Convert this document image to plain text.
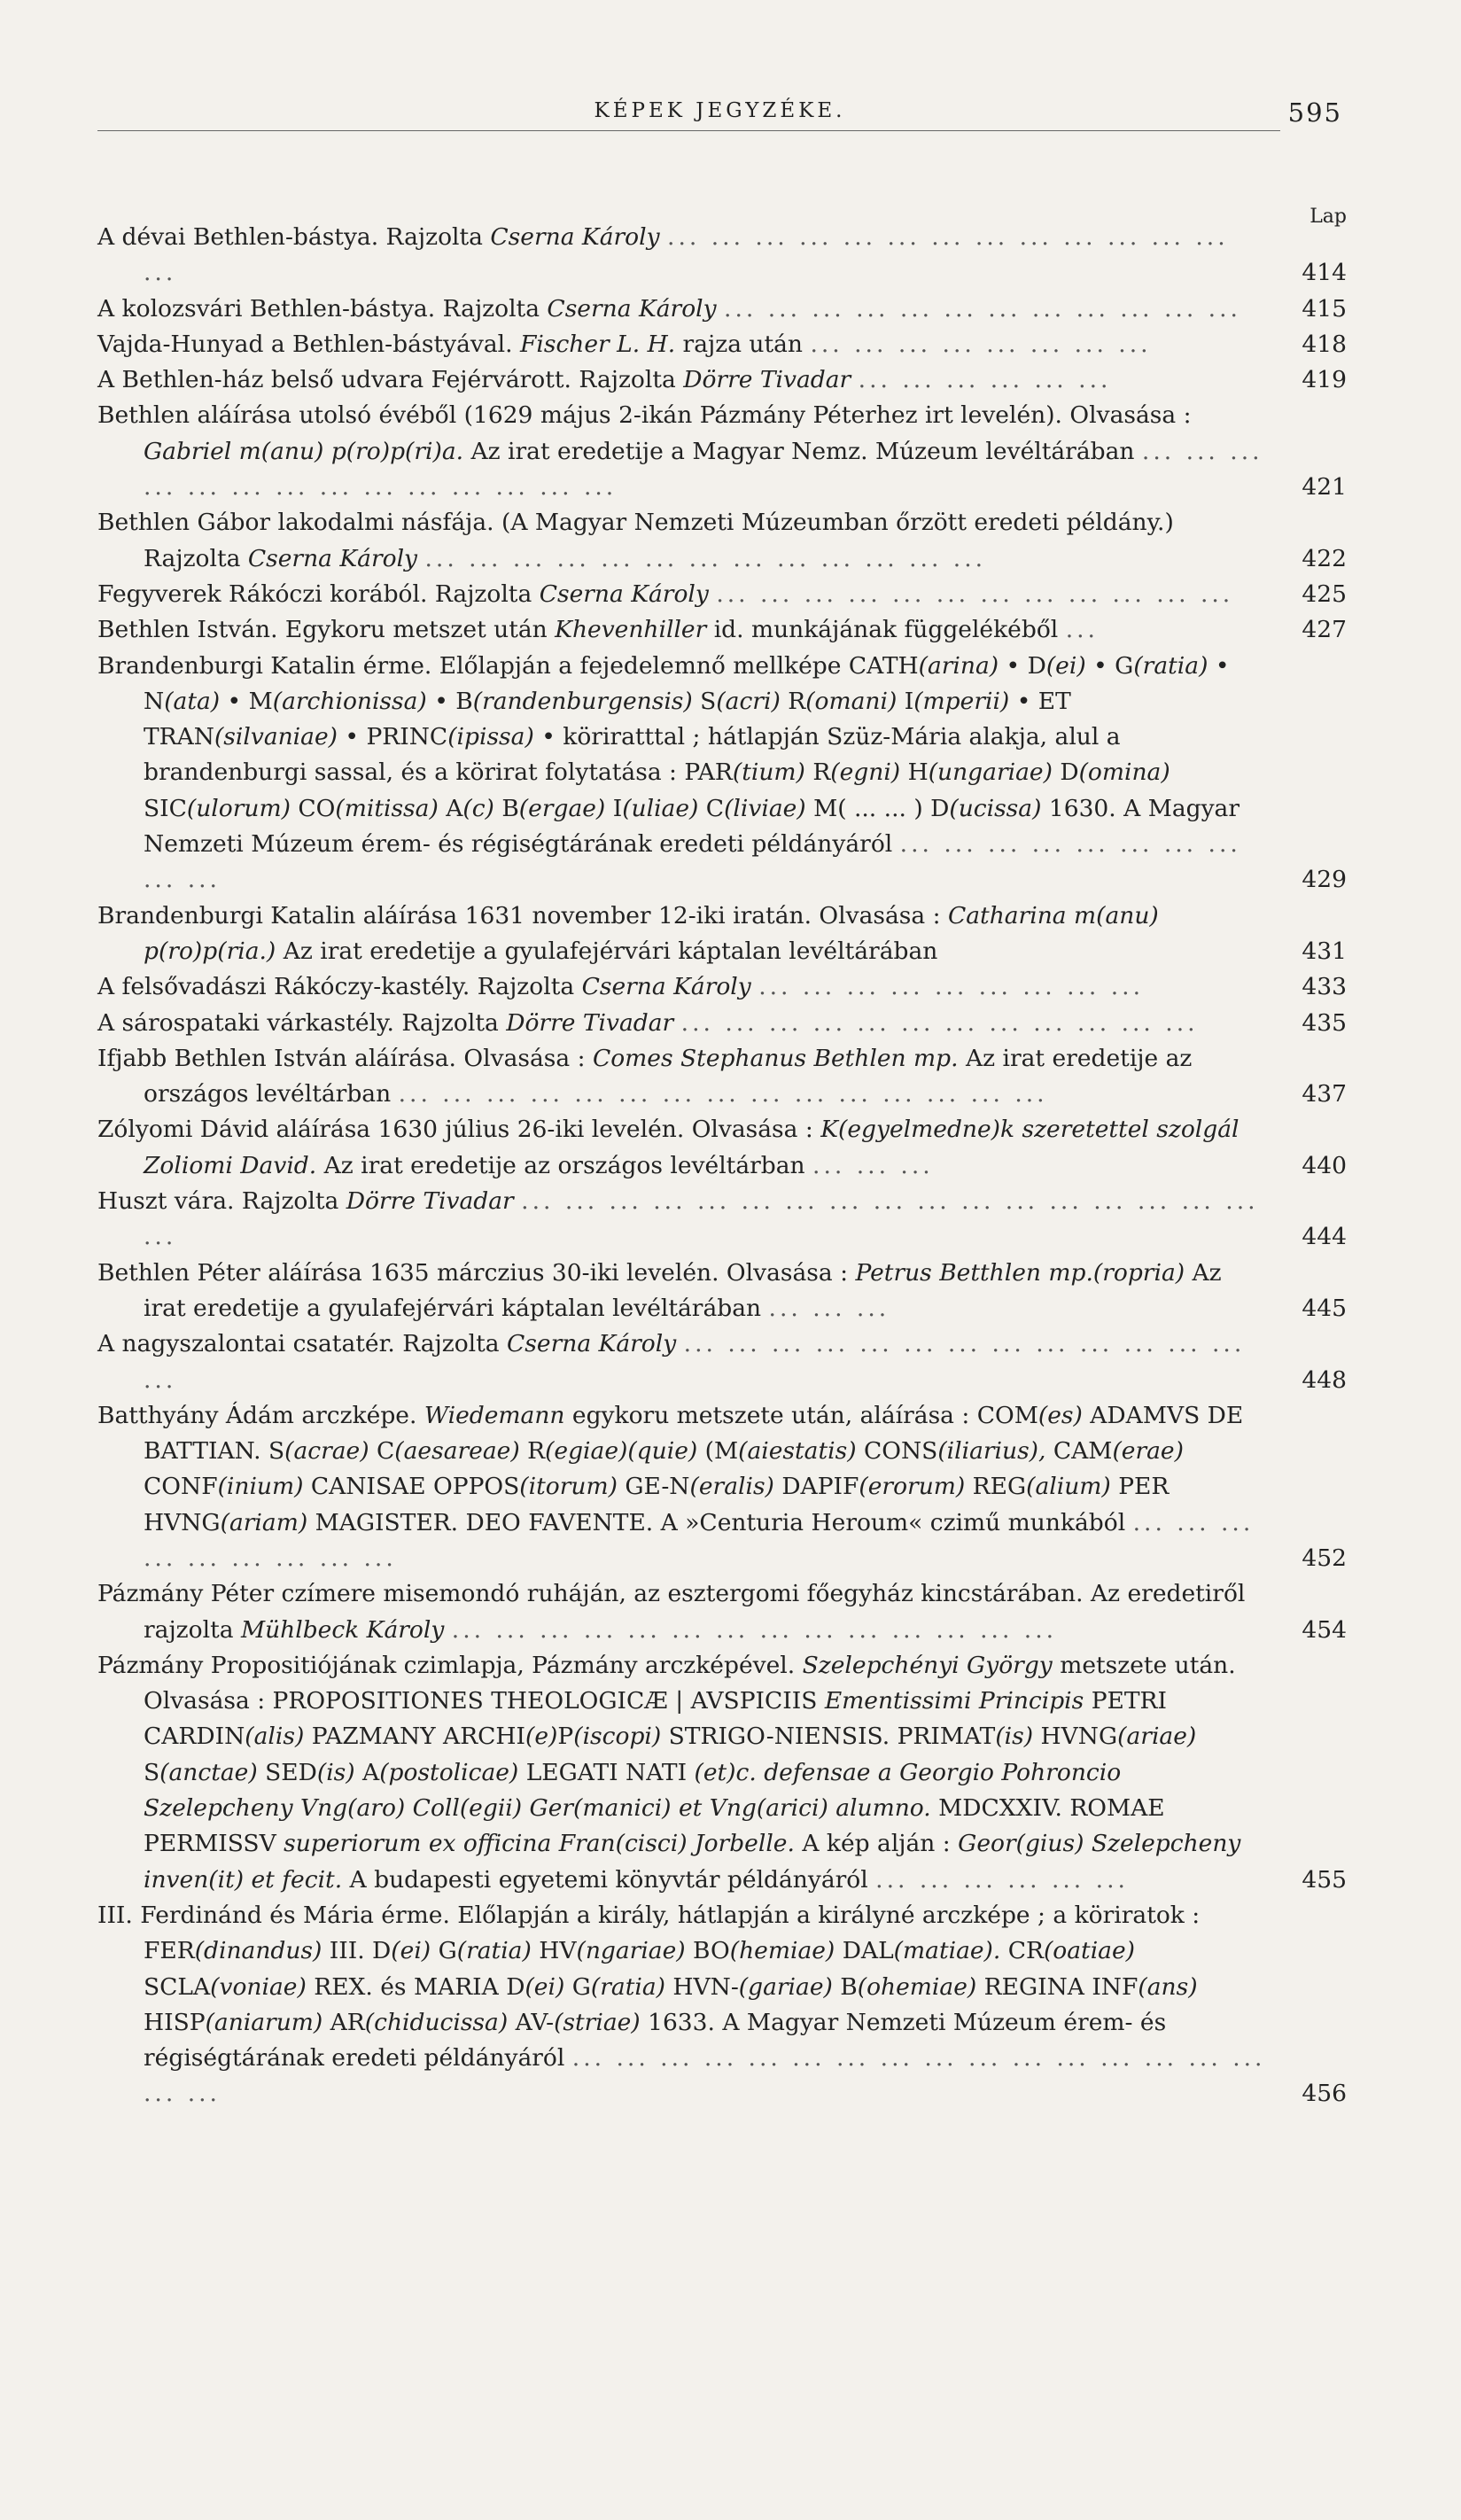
KÉPEK JEGYZÉKE.	595
Lap
A dévai Bethlen-bástya. Rajzolta Cserna Károly ... ... ... ... ... ... ... ... ... ... ... ... ... ...	414
A kolozsvári Bethlen-bástya. Rajzolta Cserna Károly ... ... ... ... ... ... ... ... ... ... ... ...	415
Vajda-Hunyad a Bethlen-bástyával. Fischer L. H. rajza után ... ... ... ... ... ... ... ...	418
A Bethlen-ház belső udvara Fejérvárott. Rajzolta Dörre Tivadar ... ... ... ... ... ...	419
Bethlen aláírása utolsó évéből (1629 május 2-ikán Pázmány Péterhez irt levelén). Olvasása : Gabriel m(anu) p(ro)p(ri)a. Az irat eredetije a Magyar Nemz. Múzeum levéltárában ... ... ... ... ... ... ... ... ... ... ... ... ... ...	421
Bethlen Gábor lakodalmi násfája. (A Magyar Nemzeti Múzeumban őrzött eredeti példány.) Rajzolta Cserna Károly ... ... ... ... ... ... ... ... ... ... ... ... ...	422
Fegyverek Rákóczi korából. Rajzolta Cserna Károly ... ... ... ... ... ... ... ... ... ... ... ...	425
Bethlen István. Egykoru metszet után Khevenhiller id. munkájának függelékéből ...	427
Brandenburgi Katalin érme. Előlapján a fejedelemnő mellképe CATH(arina) • D(ei) • G(ratia) • N(ata) • M(archionissa) • B(randenburgensis) S(acri) R(omani) I(mperii) • ET TRAN(silvaniae) • PRINC(ipissa) • köriratttal ; hátlapján Szüz-Mária alakja, alul a brandenburgi sassal, és a körirat folytatása : PAR(tium) R(egni) H(ungariae) D(omina) SIC(ulorum) CO(mitissa) A(c) B(ergae) I(uliae) C(liviae) M( ... ... ) D(ucissa) 1630. A Magyar Nemzeti Múzeum érem- és régiségtárának eredeti példányáról ... ... ... ... ... ... ... ... ... ...	429
Brandenburgi Katalin aláírása 1631 november 12-iki iratán. Olvasása : Catharina m(anu) p(ro)p(ria.) Az irat eredetije a gyulafejérvári káptalan levéltárában	431
A felsővadászi Rákóczy-kastély. Rajzolta Cserna Károly ... ... ... ... ... ... ... ... ...	433
A sárospataki várkastély. Rajzolta Dörre Tivadar ... ... ... ... ... ... ... ... ... ... ... ...	435
Ifjabb Bethlen István aláírása. Olvasása : Comes Stephanus Bethlen mp. Az irat eredetije az országos levéltárban ... ... ... ... ... ... ... ... ... ... ... ... ... ... ...	437
Zólyomi Dávid aláírása 1630 július 26-iki levelén. Olvasása : K(egyelmedne)k szeretettel szolgál Zoliomi David. Az irat eredetije az országos levéltárban ... ... ...	440
Huszt vára. Rajzolta Dörre Tivadar ... ... ... ... ... ... ... ... ... ... ... ... ... ... ... ... ... ...	444
Bethlen Péter aláírása 1635 márczius 30-iki levelén. Olvasása : Petrus Betthlen mp.(ropria) Az irat eredetije a gyulafejérvári káptalan levéltárában ... ... ...	445
A nagyszalontai csatatér. Rajzolta Cserna Károly ... ... ... ... ... ... ... ... ... ... ... ... ... ...	448
Batthyány Ádám arczképe. Wiedemann egykoru metszete után, aláírása : COM(es) ADAMVS DE BATTIAN. S(acrae) C(aesareae) R(egiae)(quie) (M(aiestatis) CONS(iliarius), CAM(erae) CONF(inium) CANISAE OPPOS(itorum) GE-N(eralis) DAPIF(erorum) REG(alium) PER HVNG(ariam) MAGISTER. DEO FAVENTE. A »Centuria Heroum« czimű munkából ... ... ... ... ... ... ... ... ...	452
Pázmány Péter czímere misemondó ruháján, az esztergomi főegyház kincstárában. Az eredetiről rajzolta Mühlbeck Károly ... ... ... ... ... ... ... ... ... ... ... ... ... ...	454
Pázmány Propositiójának czimlapja, Pázmány arczképével. Szelepchényi György metszete után. Olvasása : PROPOSITIONES THEOLOGICÆ | AVSPICIIS Ementissimi Principis PETRI CARDIN(alis) PAZMANY ARCHI(e)P(iscopi) STRIGO-NIENSIS. PRIMAT(is) HVNG(ariae) S(anctae) SED(is) A(postolicae) LEGATI NATI (et)c. defensae a Georgio Pohroncio Szelepcheny Vng(aro) Coll(egii) Ger(manici) et Vng(arici) alumno. MDCXXIV. ROMAE PERMISSV superiorum ex officina Fran(cisci) Jorbelle. A kép alján : Geor(gius) Szelepcheny inven(it) et fecit. A budapesti egyetemi könyvtár példányáról ... ... ... ... ... ...	455
III. Ferdinánd és Mária érme. Előlapján a király, hátlapján a királyné arczképe ; a köriratok : FER(dinandus) III. D(ei) G(ratia) HV(ngariae) BO(hemiae) DAL(matiae). CR(oatiae) SCLA(voniae) REX. és MARIA D(ei) G(ratia) HVN-(gariae) B(ohemiae) REGINA INF(ans) HISP(aniarum) AR(chiducissa) AV-(striae) 1633. A Magyar Nemzeti Múzeum érem- és régiségtárának eredeti példányáról ... ... ... ... ... ... ... ... ... ... ... ... ... ... ... ... ... ...	456
